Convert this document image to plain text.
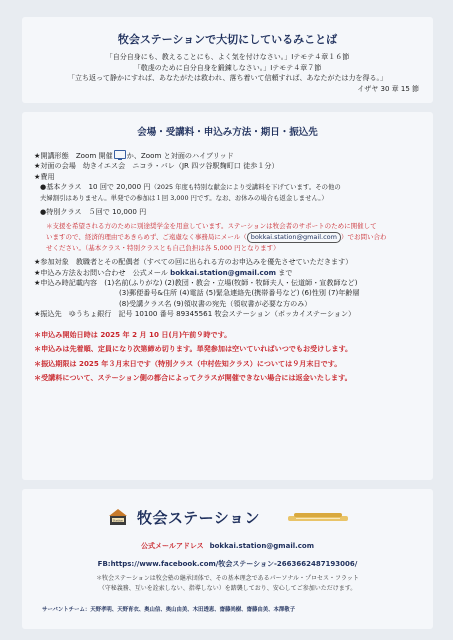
牧会ステーションで大切にしているみことば
「自分自身にも、教えることにも、よく気を付けなさい。」Ⅰテモテ４章１６節
「敬虔のために自分自身を鍛錬しなさい。」Ⅰテモテ４章７節
「立ち返って静かにすれば、あなたがたは救われ、落ち着いて信頼すれば、あなたがたは力を得る。」
イザヤ 30 章 15 節
会場・受講料・申込み方法・期日・振込先
★開講形態　Zoom 開催 か、Zoom と対面のハイブリッド
★対面の会場　幼きイエス会　ニコラ・バレ（JR 四ツ谷駅麹町口 徒歩１分）
★費用
●基本クラス　10 回で 20,000 円（2025 年度も特別な献金により受講料を下げています。その他の
夫婦割引はありません。単発での参加は１回 3,000 円です。なお、お休みの場合も返金しません。）
●特別クラス　５回で 10,000 円
＊支援を希望される方のために別途奨学金を用意しています。ステーションは牧会者のサポートのために開催して
いますので、経済的理由であきらめず、ご遠慮なく事務局にメール（ bokkai.station@gmail.com ）でお問い合わ
せください。（基本クラス・特別クラスとも自己負担は各 5,000 円となります）
★参加対象　教職者とその配偶者（すべての回に出られる方のお申込みを優先させていただきます）
★申込み方法＆お問い合わせ　公式メール bokkai.station@gmail.com まで
★申込み時記載内容　 (1)名前(ふりがな) (2)教団・教会・立場(牧師・牧師夫人・伝道師・宣教師など)
(3)郵便番号&住所 (4)電話 (5)緊急連絡先(携帯番号など) (6)性別 (7)年齢層
(8)受講クラス名 (9)領収書の宛先（領収書が必要な方のみ）
★振込先　ゆうちょ銀行　記号 10100 番号 89345561 牧会ステーション（ボッカイステーション）
＊申込み開始日時は 2025 年 2 月 10 日(月)午前９時です。
＊申込みは先着順、定員になり次第締め切ります。単発参加は空いていればいつでもお受けします。
＊振込期限は 2025 年３月末日です（特別クラス（中村佐知クラス）については９月末日です。
＊受講料について、ステーション側の都合によってクラスが開催できない場合には返金いたします。
Station 牧会ステーション
公式メールアドレス bokkai.station@gmail.com
FB:https://www.facebook.com/牧会ステーション-2663662487193006/
＊牧会ステーションは牧会塾の継承団体で、その基本理念であるパーソナル・プロセス・フラット
（守秘義務、互いを詮索しない、指導しない）を踏襲しており、安心してご参加いただけます。
サーバントチーム：天野孝明、天野育衣、奥山信、奥山由美、木田透恵、齋藤尚樹、齋藤由美、本澤敬子
